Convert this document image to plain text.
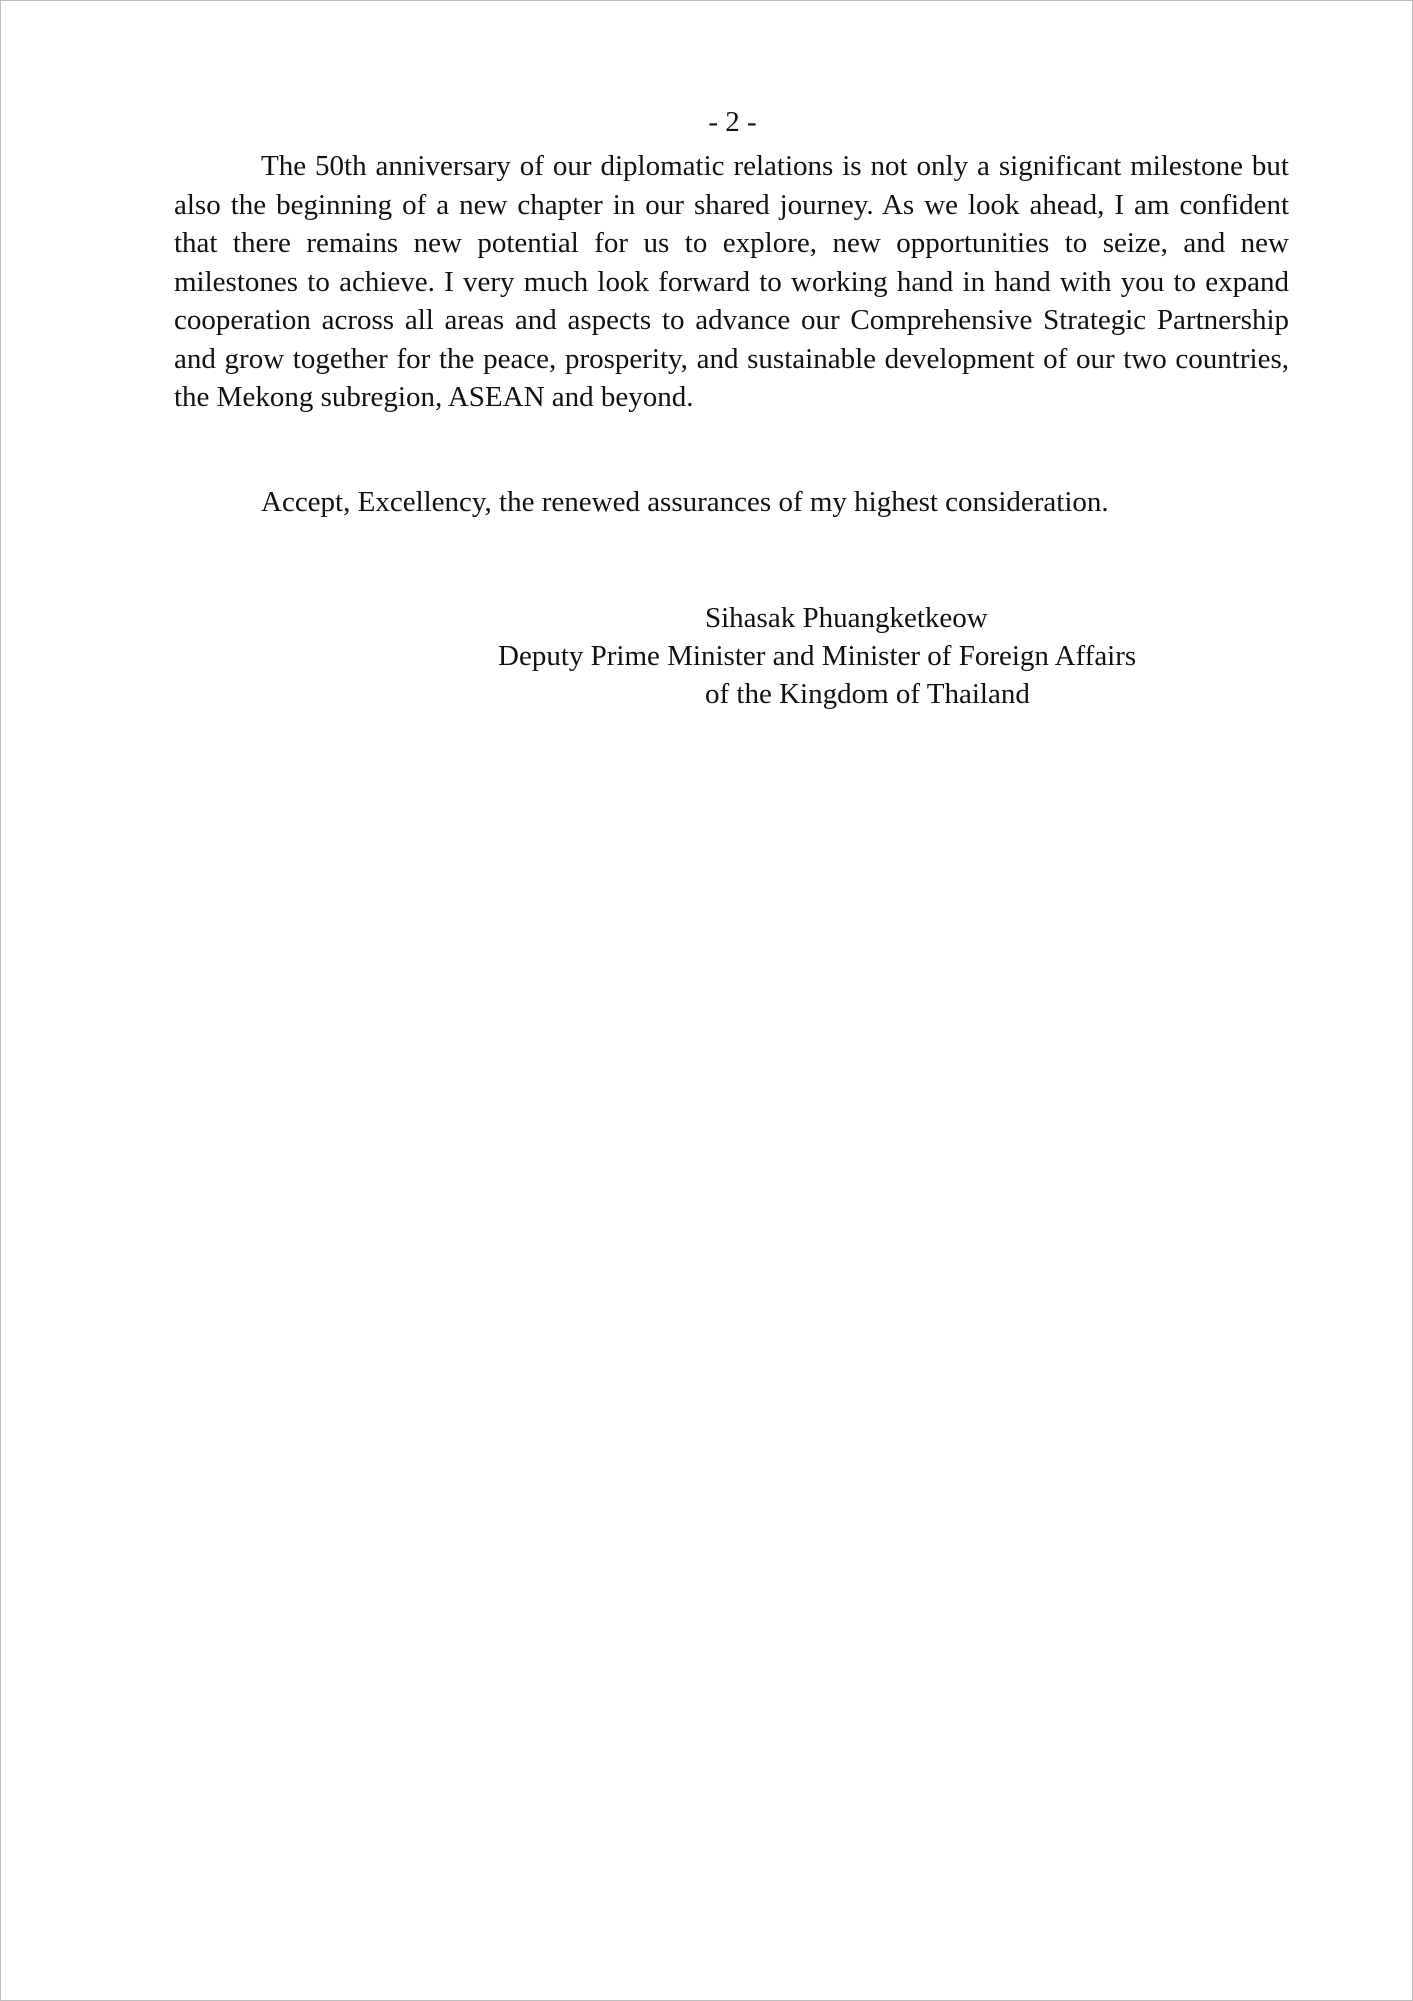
- 2 -

The 50th anniversary of our diplomatic relations is not only a significant milestone but also the beginning of a new chapter in our shared journey. As we look ahead, I am confident that there remains new potential for us to explore, new opportunities to seize, and new milestones to achieve. I very much look forward to working hand in hand with you to expand cooperation across all areas and aspects to advance our Comprehensive Strategic Partnership and grow together for the peace, prosperity, and sustainable development of our two countries, the Mekong subregion, ASEAN and beyond.

Accept, Excellency, the renewed assurances of my highest consideration.

Sihasak Phuangketkeow
Deputy Prime Minister and Minister of Foreign Affairs
of the Kingdom of Thailand
